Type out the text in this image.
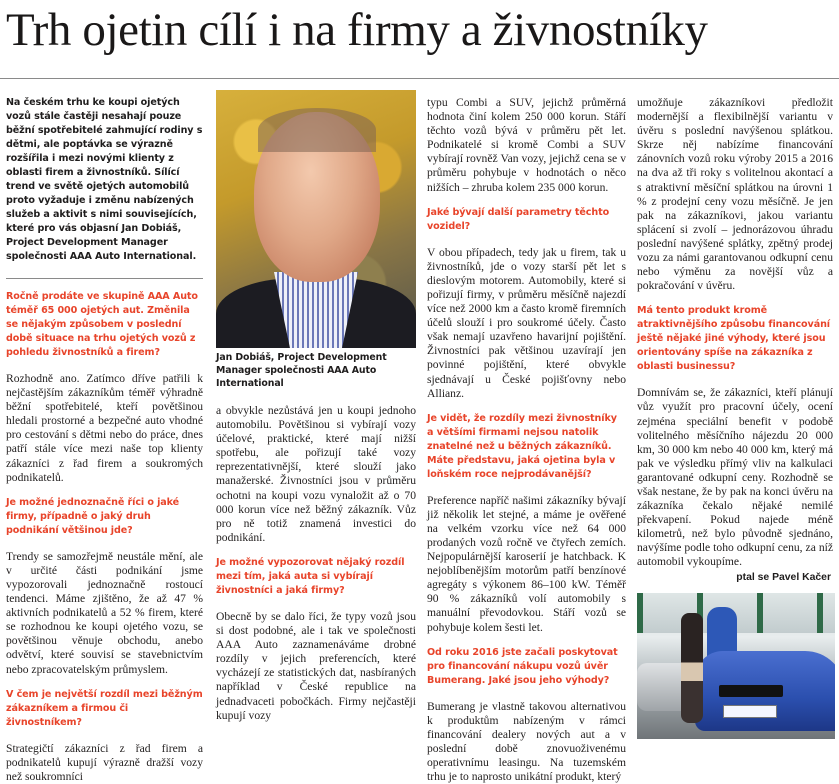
Trh ojetin cílí i na firmy a živnostníky

Na českém trhu ke koupi ojetých vozů stále častěji nesahají pouze běžní spotřebitelé zahmující rodiny s dětmi, ale poptávka se výrazně rozšířila i mezi novými klienty z oblasti firem a živnostníků. Sílící trend ve světě ojetých automobilů proto vyžaduje i změnu nabízených služeb a aktivit s nimi souvisejících, které pro vás objasní Jan Dobiáš, Project Development Manager společnosti AAA Auto International.

Ročně prodáte ve skupině AAA Auto téměř 65 000 ojetých aut. Změnila se nějakým způsobem v poslední době situace na trhu ojetých vozů z pohledu živnostníků a firem?

Rozhodně ano. Zatímco dříve patřili k nejčastějším zákazníkům téměř výhradně běžní spotřebitelé, kteří povětšinou hledali prostorné a bezpečné auto vhodné pro cestování s dětmi nebo do práce, dnes patří stále více mezi naše top klienty zákazníci z řad firem a soukromých podnikatelů.

Je možné jednoznačně říci o jaké firmy, případně o jaký druh podnikání většinou jde?

Trendy se samozřejmě neustále mění, ale v určité části podnikání jsme vypozorovali jednoznačně rostoucí tendenci. Máme zjištěno, že až 47 % aktivních podnikatelů a 52 % firem, které se rozhodnou ke koupi ojetého vozu, se povětšinou věnuje obchodu, anebo odvětví, které souvisí se stavebnictvím nebo zpracovatelským průmyslem.

V čem je největší rozdíl mezi běžným zákazníkem a firmou či živnostníkem?

Strategičtí zákazníci z řad firem a podnikatelů kupují výrazně dražší vozy než soukromníci

Jan Dobiáš, Project Development Manager společnosti AAA Auto International

a obvykle nezůstává jen u koupi jednoho automobilu. Povětšinou si vybírají vozy účelové, praktické, které mají nižší spotřebu, ale pořizují také vozy reprezentativnější, které slouží jako manažerské. Živnostníci jsou v průměru ochotni na koupi vozu vynaložit až o 70 000 korun více než běžný zákazník. Vůz pro ně totiž znamená investici do podnikání.

Je možné vypozorovat nějaký rozdíl mezi tím, jaká auta si vybírají živnostníci a jaká firmy?

Obecně by se dalo říci, že typy vozů jsou si dost podobné, ale i tak ve společnosti AAA Auto zaznamenáváme drobné rozdíly v jejich preferencích, které vycházejí ze statistických dat, nasbíraných například v České republice na jednadvaceti pobočkách. Firmy nejčastěji kupují vozy

typu Combi a SUV, jejichž průměrná hodnota činí kolem 250 000 korun. Stáří těchto vozů bývá v průměru pět let. Podnikatelé si kromě Combi a SUV vybírají rovněž Van vozy, jejichž cena se v průměru pohybuje v hodnotách o něco nižších – zhruba kolem 235 000 korun.

Jaké bývají další parametry těchto vozidel?

V obou případech, tedy jak u firem, tak u živnostníků, jde o vozy starší pět let s dieslovým motorem. Automobily, které si pořizují firmy, v průměru měsíčně najezdí více než 2000 km a často kromě firemních účelů slouží i pro soukromé účely. Často však nemají uzavřeno havarijní pojištění. Živnostníci pak většinou uzavírají jen povinné pojištění, které obvykle sjednávají u České pojišťovny nebo Allianz.

Je vidět, že rozdíly mezi živnostníky a většími firmami nejsou natolik znatelné než u běžných zákazníků. Máte představu, jaká ojetina byla v loňském roce nejprodávanější?

Preference napříč našimi zákazníky bývají již několik let stejné, a máme je ověřené na velkém vzorku více než 64 000 prodaných vozů ročně ve čtyřech zemích. Nejpopulárnější karoserií je hatchback. K nejoblíbenějším motorům patří benzínové agregáty s výkonem 86–100 kW. Téměř 90 % zákazníků volí automobily s manuální převodovkou. Stáří vozů se pohybuje kolem šesti let.

Od roku 2016 jste začali poskytovat pro financování nákupu vozů úvěr Bumerang. Jaké jsou jeho výhody?

Bumerang je vlastně takovou alternativou k produktům nabízeným v rámci financování dealery nových aut a v poslední době znovuoživenému operativnímu leasingu. Na tuzemském trhu je to naprosto unikátní produkt, který

umožňuje zákazníkovi předložit modernější a flexibilnější variantu v úvěru s poslední navýšenou splátkou. Skrze něj nabízíme financování zánovních vozů roku výroby 2015 a 2016 na dva až tři roky s volitelnou akontací a s atraktivní měsíční splátkou na úrovni 1 % z prodejní ceny vozu měsíčně. Je jen pak na zákazníkovi, jakou variantu splácení si zvolí – jednorázovou úhradu poslední navýšené splátky, zpětný prodej vozu za námi garantovanou odkupní cenu nebo výměnu za novější vůz a pokračování v úvěru.

Má tento produkt kromě atraktivnějšího způsobu financování ještě nějaké jiné výhody, které jsou orientovány spíše na zákazníka z oblasti businessu?

Domnívám se, že zákazníci, kteří plánují vůz využít pro pracovní účely, ocení zejména speciální benefit v podobě volitelného měsíčního nájezdu 20 000 km, 30 000 km nebo 40 000 km, který má pak ve výsledku přímý vliv na kalkulaci garantované odkupní ceny. Rozhodně se však nestane, že by pak na konci úvěru na zákazníka čekalo nějaké nemilé překvapení. Pokud najede méně kilometrů, než bylo původně sjednáno, navýšíme podle toho odkupní cenu, za níž automobil vykoupíme.

ptal se Pavel Kačer
